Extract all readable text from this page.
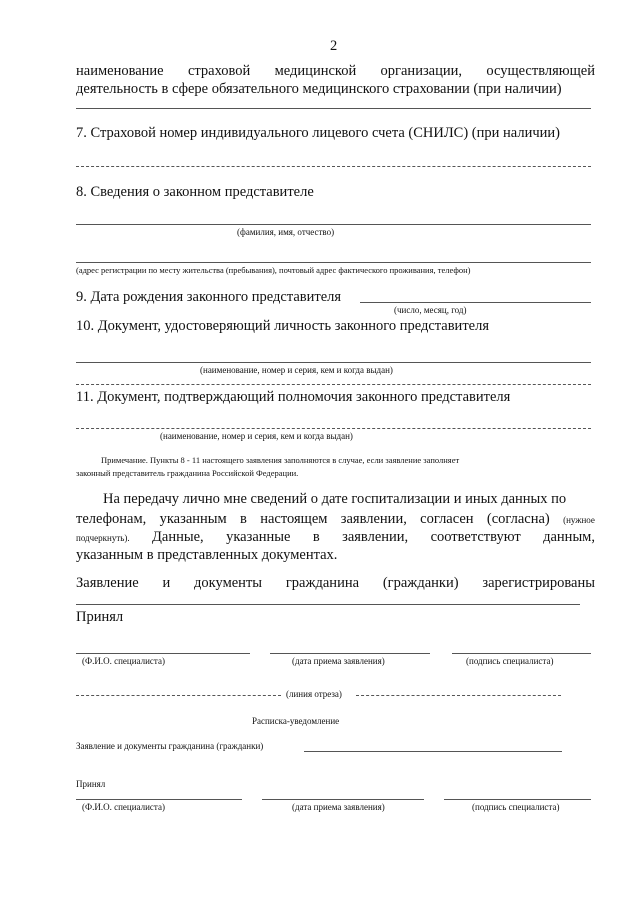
2
наименование страховой медицинской организации, осуществляющей
деятельность в сфере обязательного медицинского страховании (при наличии)
7. Страховой номер индивидуального лицевого счета (СНИЛС) (при наличии)
8. Сведения о законном представителе
(фамилия, имя, отчество)
(адрес регистрации по месту жительства (пребывания), почтовый адрес фактического проживания, телефон)
9. Дата рождения законного представителя
(число, месяц, год)
10. Документ, удостоверяющий личность законного представителя
(наименование, номер и серия, кем и когда выдан)
11. Документ, подтверждающий полномочия законного представителя
(наименование, номер и серия, кем и когда выдан)
Примечание. Пункты 8 - 11 настоящего заявления заполняются в случае, если заявление заполняет
законный представитель гражданина Российской Федерации.
На передачу лично мне сведений о дате госпитализации и иных данных по
телефонам, указанным в настоящем заявлении, согласен (согласна) (нужное
подчеркнуть). Данные, указанные в заявлении, соответствуют данным,
указанным в представленных документах.
Заявление и документы гражданина (гражданки) зарегистрированы
Принял
(Ф.И.О. специалиста)	(дата приема заявления)	(подпись специалиста)
(линия отреза)
Расписка-уведомление
Заявление и документы гражданина (гражданки)
Принял
(Ф.И.О. специалиста)	(дата приема заявления)	(подпись специалиста)
